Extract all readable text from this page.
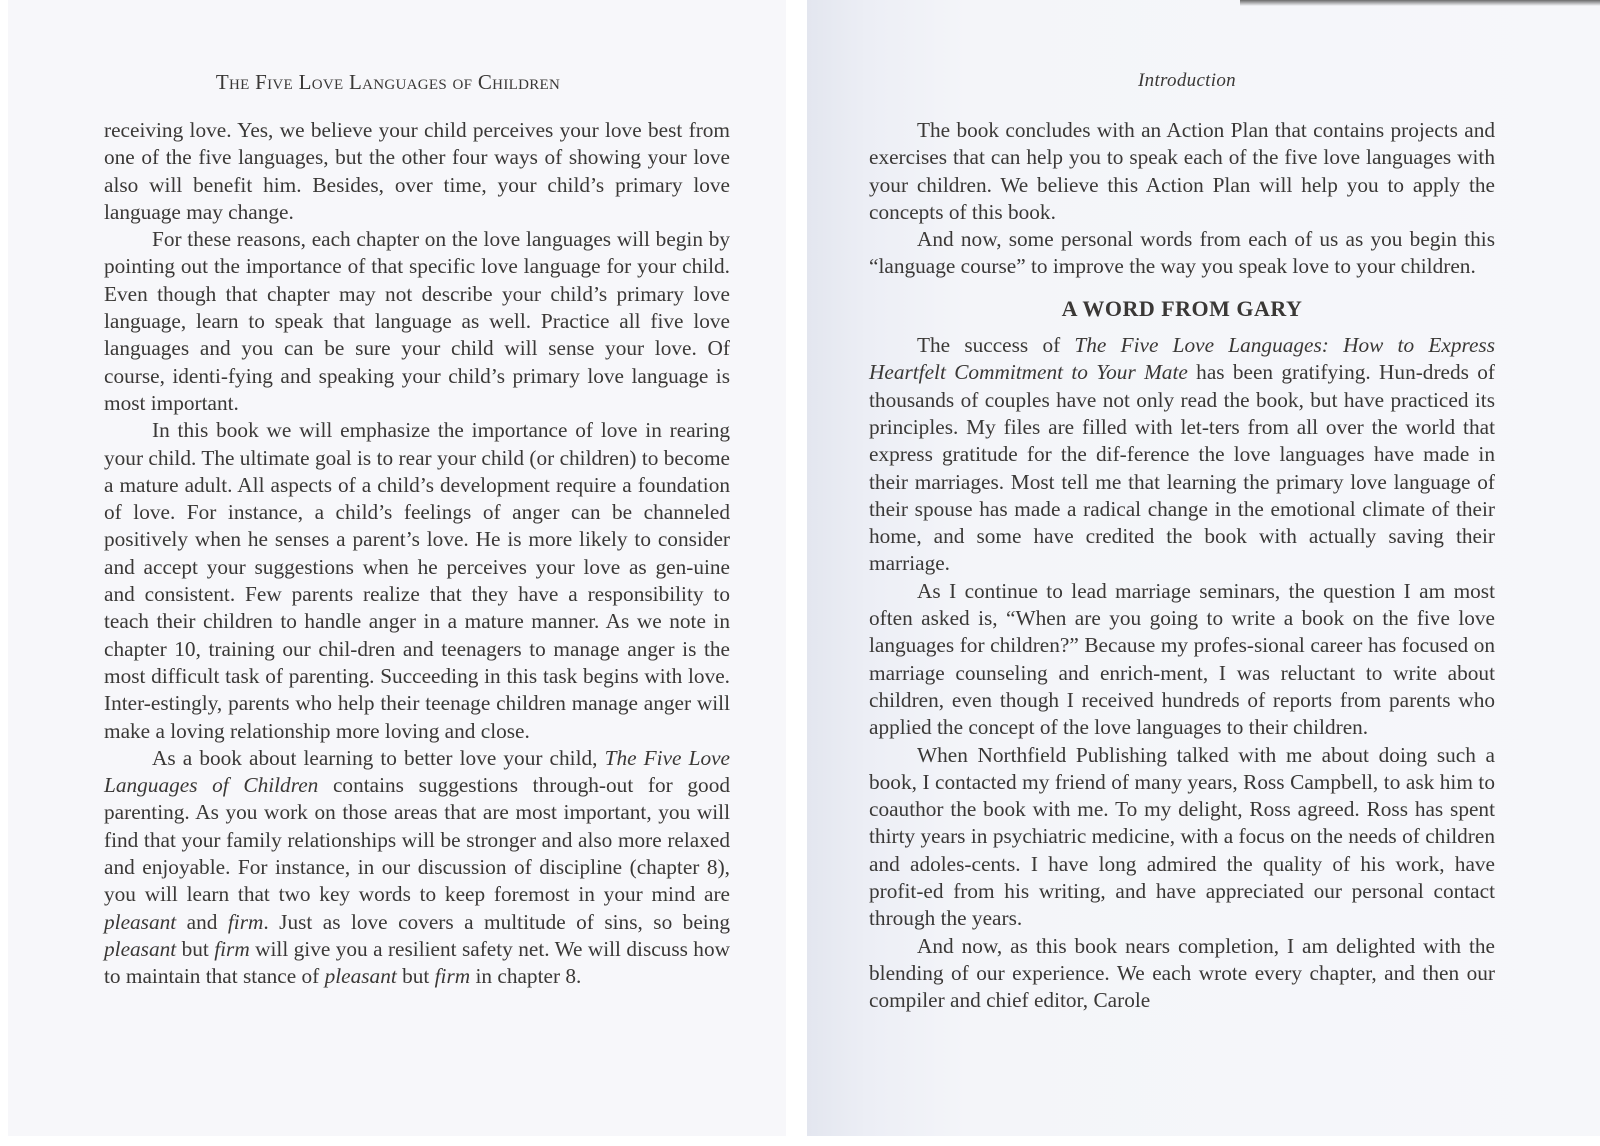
The Five Love Languages of Children

receiving love. Yes, we believe your child perceives your love best from one of the five languages, but the other four ways of showing your love also will benefit him. Besides, over time, your child’s primary love language may change.

For these reasons, each chapter on the love languages will begin by pointing out the importance of that specific love language for your child. Even though that chapter may not describe your child’s primary love language, learn to speak that language as well. Practice all five love languages and you can be sure your child will sense your love. Of course, identi-fying and speaking your child’s primary love language is most important.

In this book we will emphasize the importance of love in rearing your child. The ultimate goal is to rear your child (or children) to become a mature adult. All aspects of a child’s development require a foundation of love. For instance, a child’s feelings of anger can be channeled positively when he senses a parent’s love. He is more likely to consider and accept your suggestions when he perceives your love as gen-uine and consistent. Few parents realize that they have a responsibility to teach their children to handle anger in a mature manner. As we note in chapter 10, training our chil-dren and teenagers to manage anger is the most difficult task of parenting. Succeeding in this task begins with love. Inter-estingly, parents who help their teenage children manage anger will make a loving relationship more loving and close.

As a book about learning to better love your child, The Five Love Languages of Children contains suggestions through-out for good parenting. As you work on those areas that are most important, you will find that your family relationships will be stronger and also more relaxed and enjoyable. For instance, in our discussion of discipline (chapter 8), you will learn that two key words to keep foremost in your mind are pleasant and firm. Just as love covers a multitude of sins, so being pleasant but firm will give you a resilient safety net. We will discuss how to maintain that stance of pleasant but firm in chapter 8.

Introduction

The book concludes with an Action Plan that contains projects and exercises that can help you to speak each of the five love languages with your children. We believe this Action Plan will help you to apply the concepts of this book.

And now, some personal words from each of us as you begin this “language course” to improve the way you speak love to your children.

A WORD FROM GARY

The success of The Five Love Languages: How to Express Heartfelt Commitment to Your Mate has been gratifying. Hun-dreds of thousands of couples have not only read the book, but have practiced its principles. My files are filled with let-ters from all over the world that express gratitude for the dif-ference the love languages have made in their marriages. Most tell me that learning the primary love language of their spouse has made a radical change in the emotional climate of their home, and some have credited the book with actually saving their marriage.

As I continue to lead marriage seminars, the question I am most often asked is, “When are you going to write a book on the five love languages for children?” Because my profes-sional career has focused on marriage counseling and enrich-ment, I was reluctant to write about children, even though I received hundreds of reports from parents who applied the concept of the love languages to their children.

When Northfield Publishing talked with me about doing such a book, I contacted my friend of many years, Ross Campbell, to ask him to coauthor the book with me. To my delight, Ross agreed. Ross has spent thirty years in psychiatric medicine, with a focus on the needs of children and adoles-cents. I have long admired the quality of his work, have profit-ed from his writing, and have appreciated our personal contact through the years.

And now, as this book nears completion, I am delighted with the blending of our experience. We each wrote every chapter, and then our compiler and chief editor, Carole
